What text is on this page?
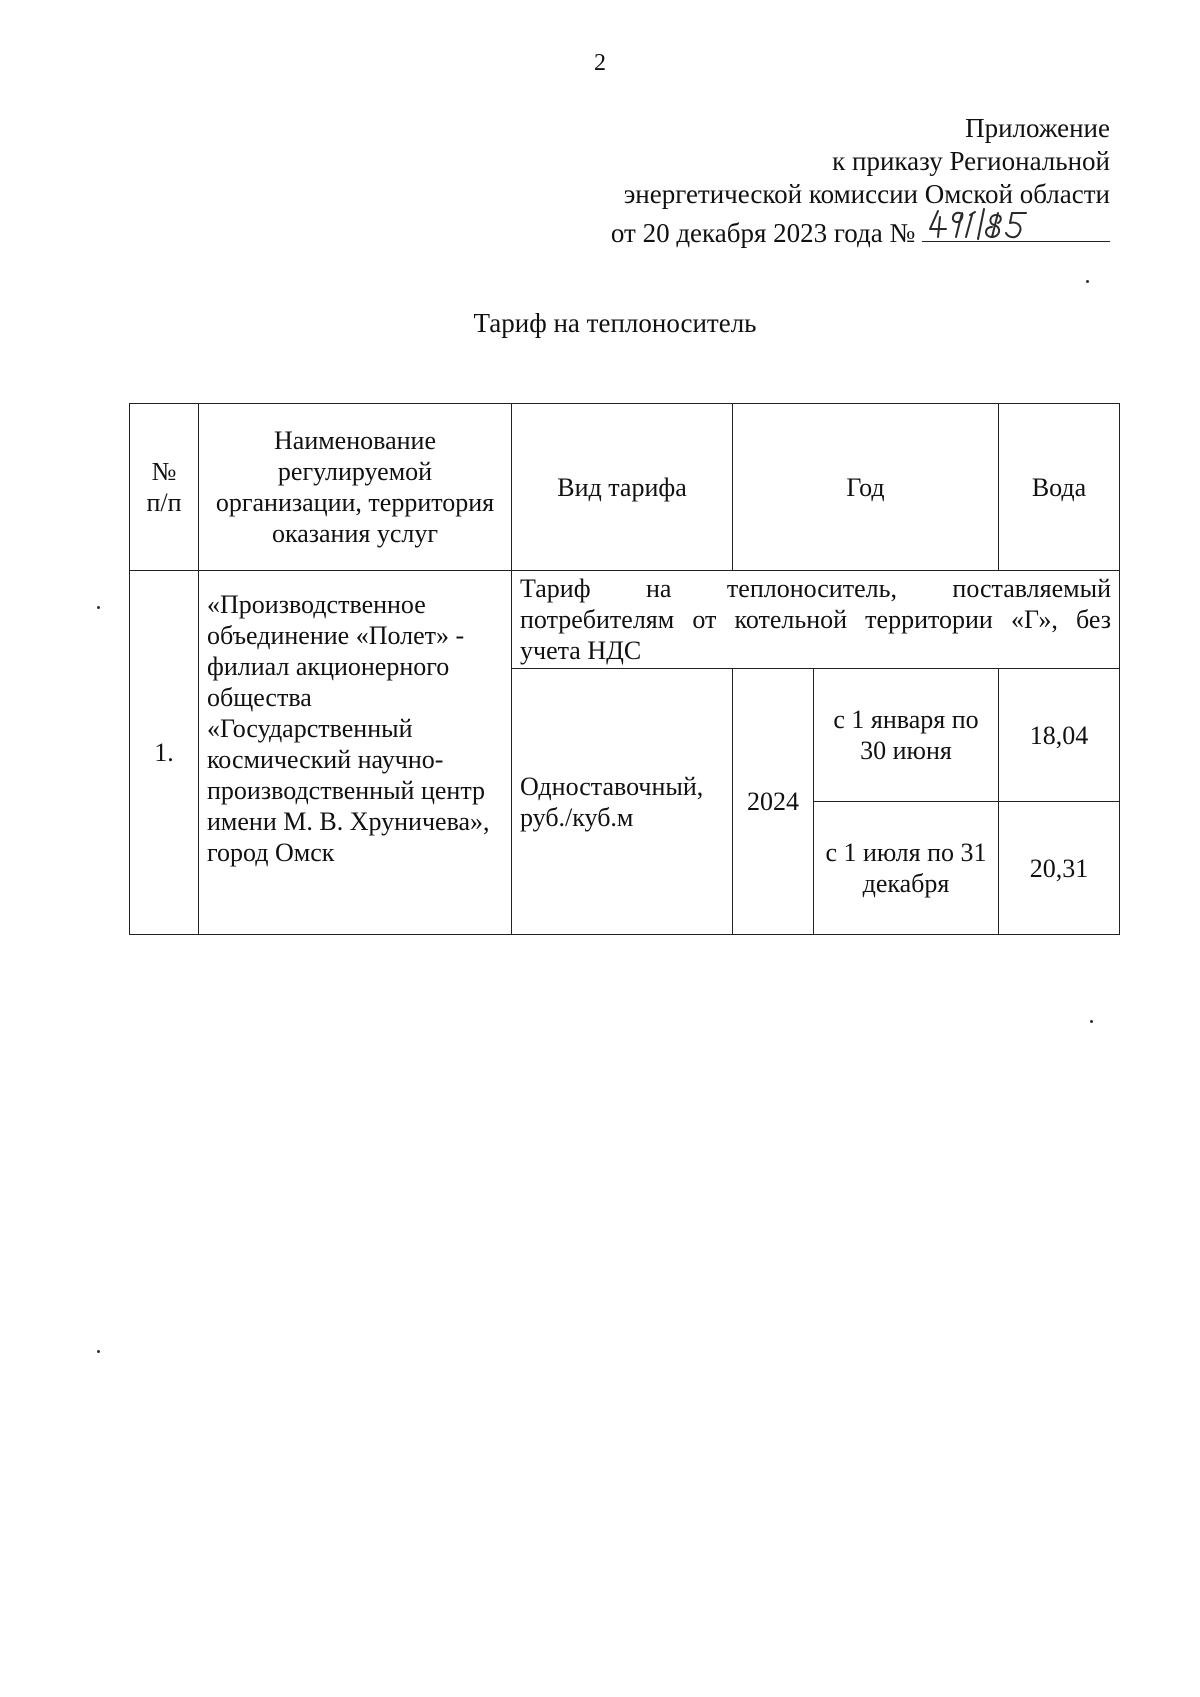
2
Приложение
к приказу Региональной
энергетической комиссии Омской области
от 20 декабря 2023 года №
Тариф на теплоноситель
№ п/п	Наименование регулируемой организации, территория оказания услуг	Вид тарифа	Год		Вода
1.	«Производственное объединение «Полет» - филиал акционерного общества «Государственный космический научно-производственный центр имени М. В. Хруничева», город Омск	Тариф на теплоноситель, поставляемый потребителям от котельной территории «Г», без учета НДС			
		Одноставочный, руб./куб.м	2024	с 1 января по 30 июня	18,04
				с 1 июля по 31 декабря	20,31
